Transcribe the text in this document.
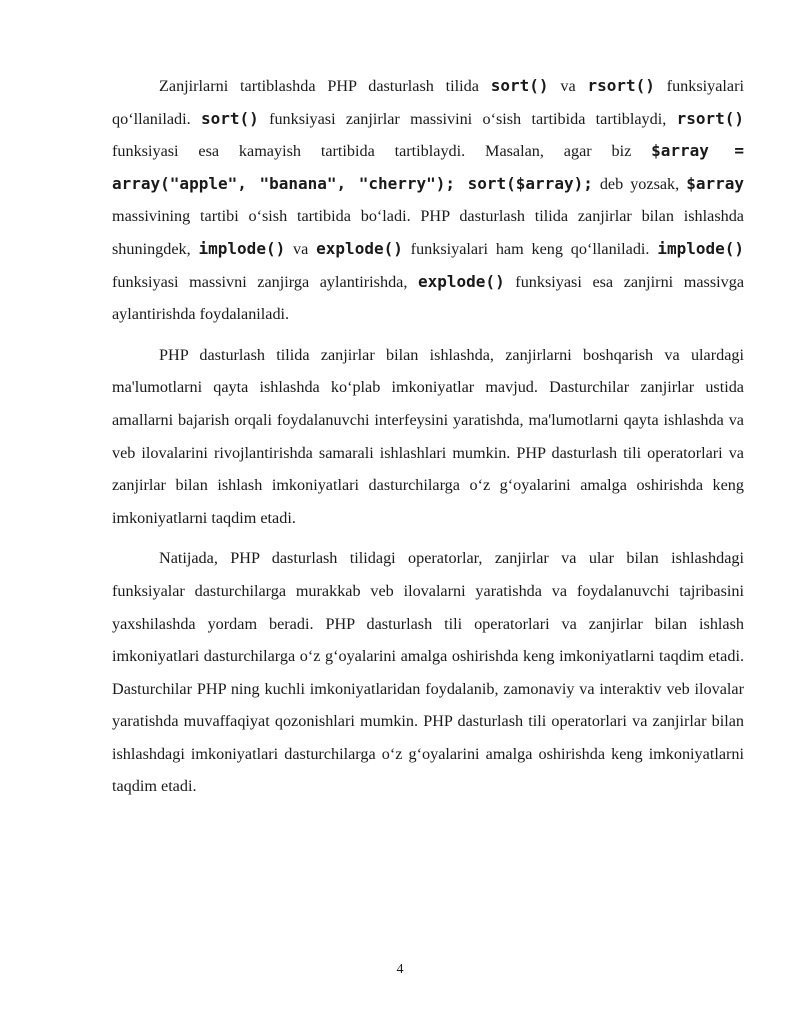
Zanjirlarni tartiblashda PHP dasturlash tilida sort() va rsort() funksiyalari qo‘llaniladi. sort() funksiyasi zanjirlar massivini o‘sish tartibida tartiblaydi, rsort() funksiyasi esa kamayish tartibida tartiblaydi. Masalan, agar biz $array = array("apple", "banana", "cherry"); sort($array); deb yozsak, $array massivining tartibi o‘sish tartibida bo‘ladi. PHP dasturlash tilida zanjirlar bilan ishlashda shuningdek, implode() va explode() funksiyalari ham keng qo‘llaniladi. implode() funksiyasi massivni zanjirga aylantirishda, explode() funksiyasi esa zanjirni massivga aylantirishda foydalaniladi.

PHP dasturlash tilida zanjirlar bilan ishlashda, zanjirlarni boshqarish va ulardagi ma'lumotlarni qayta ishlashda ko‘plab imkoniyatlar mavjud. Dasturchilar zanjirlar ustida amallarni bajarish orqali foydalanuvchi interfeysini yaratishda, ma'lumotlarni qayta ishlashda va veb ilovalarini rivojlantirishda samarali ishlashlari mumkin. PHP dasturlash tili operatorlari va zanjirlar bilan ishlash imkoniyatlari dasturchilarga o‘z g‘oyalarini amalga oshirishda keng imkoniyatlarni taqdim etadi.

Natijada, PHP dasturlash tilidagi operatorlar, zanjirlar va ular bilan ishlashdagi funksiyalar dasturchilarga murakkab veb ilovalarni yaratishda va foydalanuvchi tajribasini yaxshilashda yordam beradi. PHP dasturlash tili operatorlari va zanjirlar bilan ishlash imkoniyatlari dasturchilarga o‘z g‘oyalarini amalga oshirishda keng imkoniyatlarni taqdim etadi. Dasturchilar PHP ning kuchli imkoniyatlaridan foydalanib, zamonaviy va interaktiv veb ilovalar yaratishda muvaffaqiyat qozonishlari mumkin. PHP dasturlash tili operatorlari va zanjirlar bilan ishlashdagi imkoniyatlari dasturchilarga o‘z g‘oyalarini amalga oshirishda keng imkoniyatlarni taqdim etadi.

4
